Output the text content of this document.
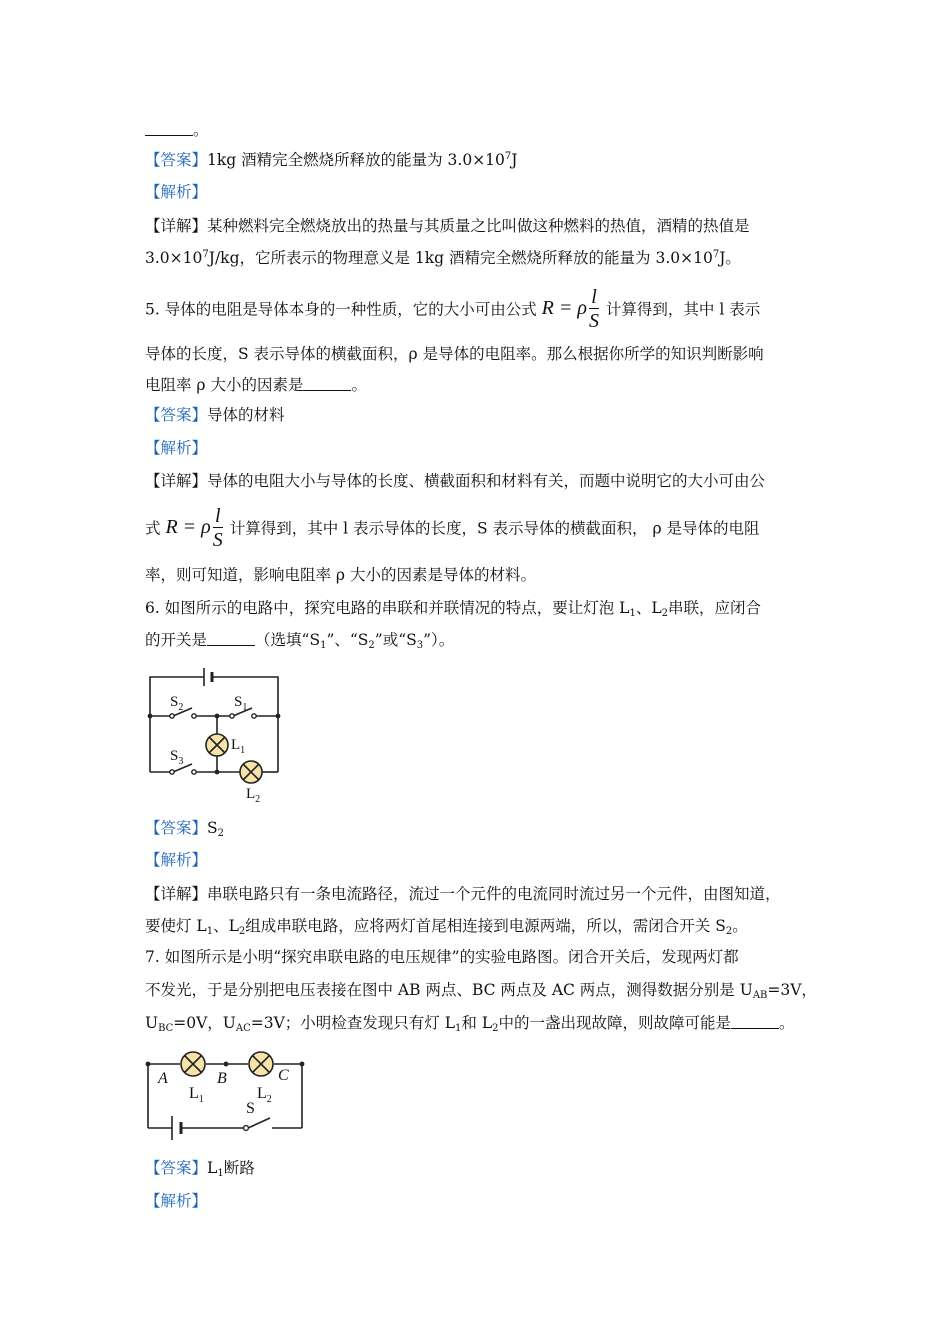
。
【答案】1kg 酒精完全燃烧所释放的能量为 $3.0\times 10^7J$
【解析】
【详解】某种燃料完全燃烧放出的热量与其质量之比叫做这种燃料的热值，酒精的热值是
$3.0\times 10^7J/kg$，它所表示的物理意义是 1kg 酒精完全燃烧所释放的能量为 $3.0\times 10^7J$。
5. 导体的电阻是导体本身的一种性质，它的大小可由公式 R = ρ $\frac{l}{S}$ 计算得到，其中 l 表示
导体的长度，S 表示导体的横截面积，ρ 是导体的电阻率。那么根据你所学的知识判断影响
电阻率 ρ 大小的因素是	。
【答案】导体的材料
【解析】
【详解】导体的电阻大小与导体的长度、横截面积和材料有关，而题中说明它的大小可由公
式 R = ρ $\frac{l}{S}$ 计算得到，其中 l 表示导体的长度，S 表示导体的横截面积， ρ 是导体的电阻
率，则可知道，影响电阻率 ρ 大小的因素是导体的材料。
6. 如图所示的电路中，探究电路的串联和并联情况的特点，要让灯泡 $L_1$、$L_2$串联，应闭合
的开关是	（选填“$S_1$”、“$S_2$”或“$S_3$”）。
$S_2$	$S_1$
$S_3$
$L_1$
$L_2$
【答案】$S_2$
【解析】
【详解】串联电路只有一条电流路径，流过一个元件的电流同时流过另一个元件，由图知道，
要使灯 $L_1$、$L_2$组成串联电路，应将两灯首尾相连接到电源两端，所以，需闭合开关 $S_2$。
7. 如图所示是小明“探究串联电路的电压规律”的实验电路图。闭合开关后，发现两灯都
不发光，于是分别把电压表接在图中 AB 两点、BC 两点及 AC 两点，测得数据分别是 $U_{AB}=3V$，
$U_{BC}=0V$，$U_{AC}=3V$；小明检查发现只有灯 $L_1$和 $L_2$中的一盏出现故障，则故障可能是	。
A	B	C
$L_1$	$L_2$
S
【答案】$L_1$断路
【解析】
